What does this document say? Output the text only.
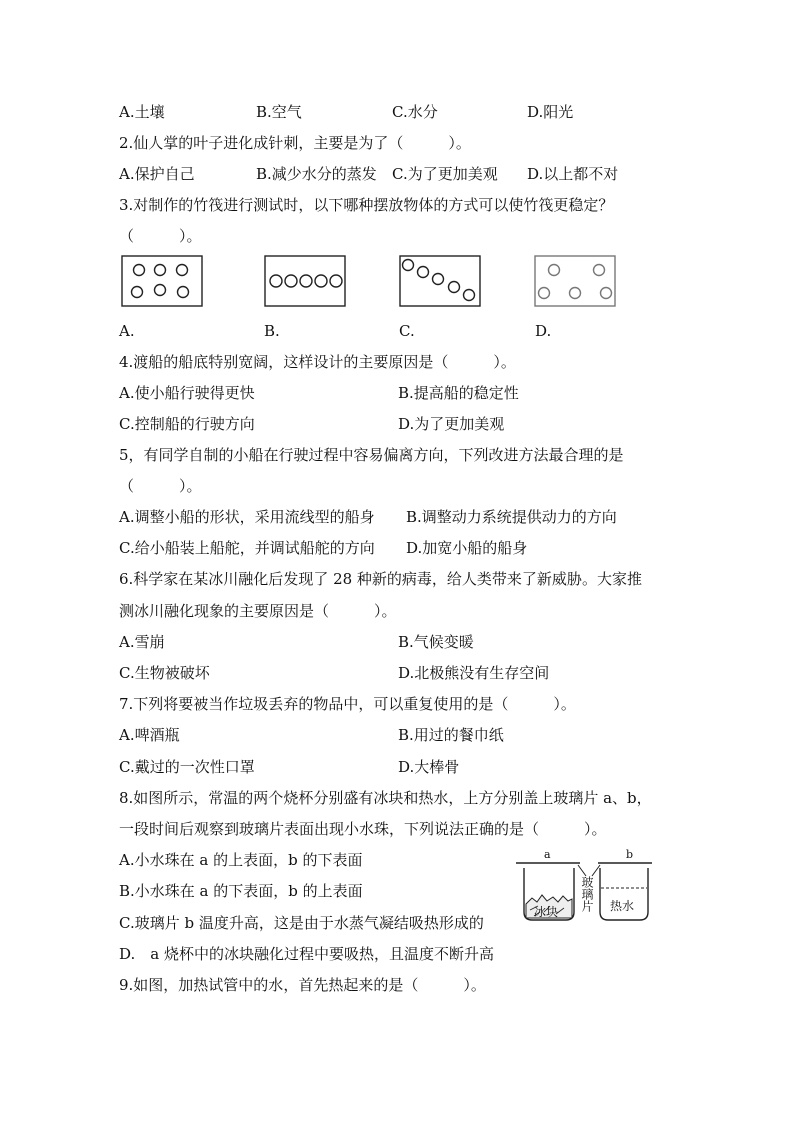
A.土壤	B.空气	C.水分	D.阳光
2.仙人掌的叶子进化成针刺，主要是为了（　　　）。
A.保护自己	B.减少水分的蒸发 C.为了更加美观 D.以上都不对
3.对制作的竹筏进行测试时，以下哪种摆放物体的方式可以使竹筏更稳定？
（　　　）。
A.	B.	C.	D.
4.渡船的船底特别宽阔，这样设计的主要原因是（　　　）。
A.使小船行驶得更快	B.提高船的稳定性
C.控制船的行驶方向	D.为了更加美观
5，有同学自制的小船在行驶过程中容易偏离方向，下列改进方法最合理的是
（　　　）。
A.调整小船的形状，采用流线型的船身 B.调整动力系统提供动力的方向
C.给小船装上船舵，并调试船舵的方向 D.加宽小船的船身
6.科学家在某冰川融化后发现了 28 种新的病毒，给人类带来了新威胁。大家推
测冰川融化现象的主要原因是（　　　）。
A.雪崩	B.气候变暖
C.生物被破坏	D.北极熊没有生存空间
7.下列将要被当作垃圾丢弃的物品中，可以重复使用的是（　　　）。
A.啤酒瓶	B.用过的餐巾纸
C.戴过的一次性口罩	D.大棒骨
8.如图所示，常温的两个烧杯分别盛有冰块和热水，上方分别盖上玻璃片 a、b，
一段时间后观察到玻璃片表面出现小水珠，下列说法正确的是（　　　）。
A.小水珠在 a 的上表面，b 的下表面
B.小水珠在 a 的下表面，b 的上表面
C.玻璃片 b 温度升高，这是由于水蒸气凝结吸热形成的
D.　a 烧杯中的冰块融化过程中要吸热，且温度不断升高
a	b
冰块	热水
玻璃片
9.如图，加热试管中的水，首先热起来的是（　　　）。
